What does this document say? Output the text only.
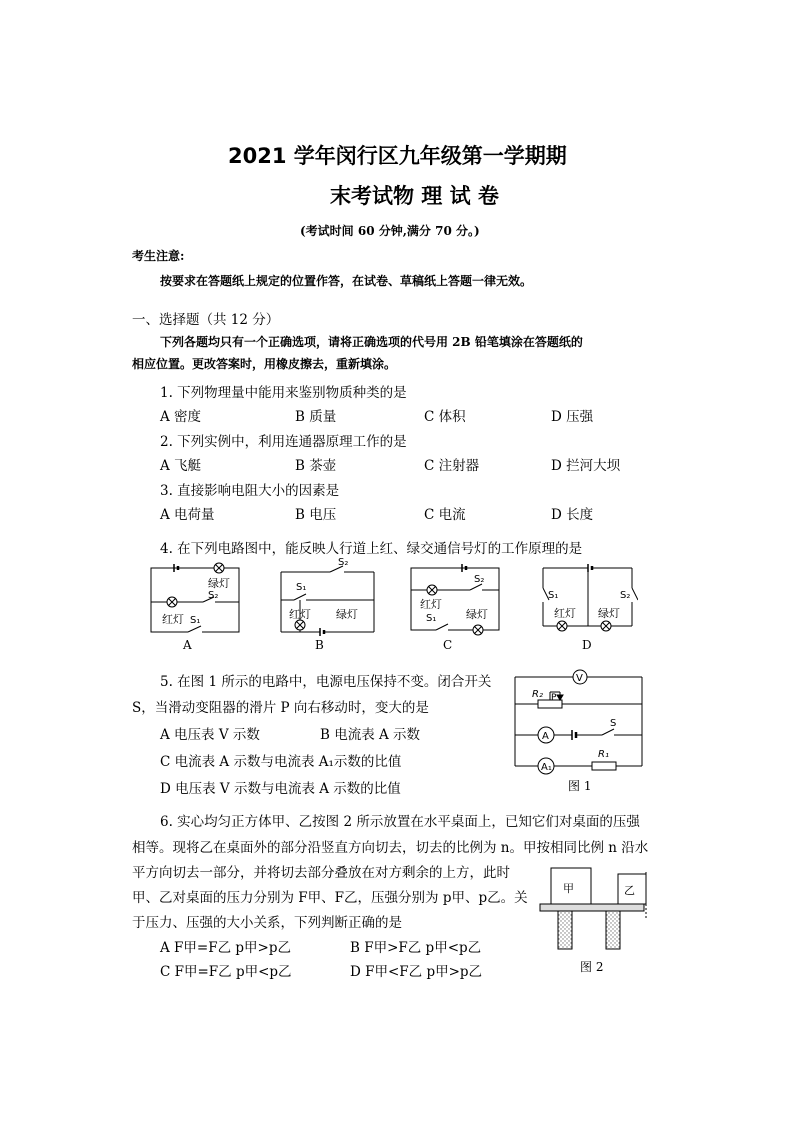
2021 学年闵行区九年级第一学期期
末考试物 理 试 卷
(考试时间 60 分钟,满分 70 分。)
考生注意:
按要求在答题纸上规定的位置作答，在试卷、草稿纸上答题一律无效。
一、选择题（共 12 分）
下列各题均只有一个正确选项，请将正确选项的代号用 2B 铅笔填涂在答题纸的
相应位置。更改答案时，用橡皮擦去，重新填涂。
1. 下列物理量中能用来鉴别物质种类的是
A 密度	B 质量	C 体积	D 压强
2. 下列实例中，利用连通器原理工作的是
A 飞艇	B 茶壶	C 注射器	D 拦河大坝
3. 直接影响电阻大小的因素是
A 电荷量	B 电压	C 电流	D 长度
4. 在下列电路图中，能反映人行道上红、绿交通信号灯的工作原理的是
绿灯
S₂
红灯 S₁
A
S₂
S₁
红灯 绿灯
B
S₂
红灯
绿灯
S₁
C
S₁	S₂
红灯 绿灯
D
5. 在图 1 所示的电路中，电源电压保持不变。闭合开关
S，当滑动变阻器的滑片 P 向右移动时，变大的是
A 电压表 V 示数	B 电流表 A 示数
C 电流表 A 示数与电流表 A₁示数的比值
D 电压表 V 示数与电流表 A 示数的比值
V
R₂ P
A
S
R₁
A₁
图 1
6. 实心均匀正方体甲、乙按图 2 所示放置在水平桌面上，已知它们对桌面的压强
相等。现将乙在桌面外的部分沿竖直方向切去，切去的比例为 n。甲按相同比例 n 沿水
平方向切去一部分，并将切去部分叠放在对方剩余的上方，此时
甲、乙对桌面的压力分别为 F甲、F乙，压强分别为 p甲、p乙。关
于压力、压强的大小关系，下列判断正确的是
A F甲=F乙 p甲>p乙	B F甲>F乙 p甲<p乙
C F甲=F乙 p甲<p乙	D F甲<F乙 p甲>p乙
甲	乙
图 2
